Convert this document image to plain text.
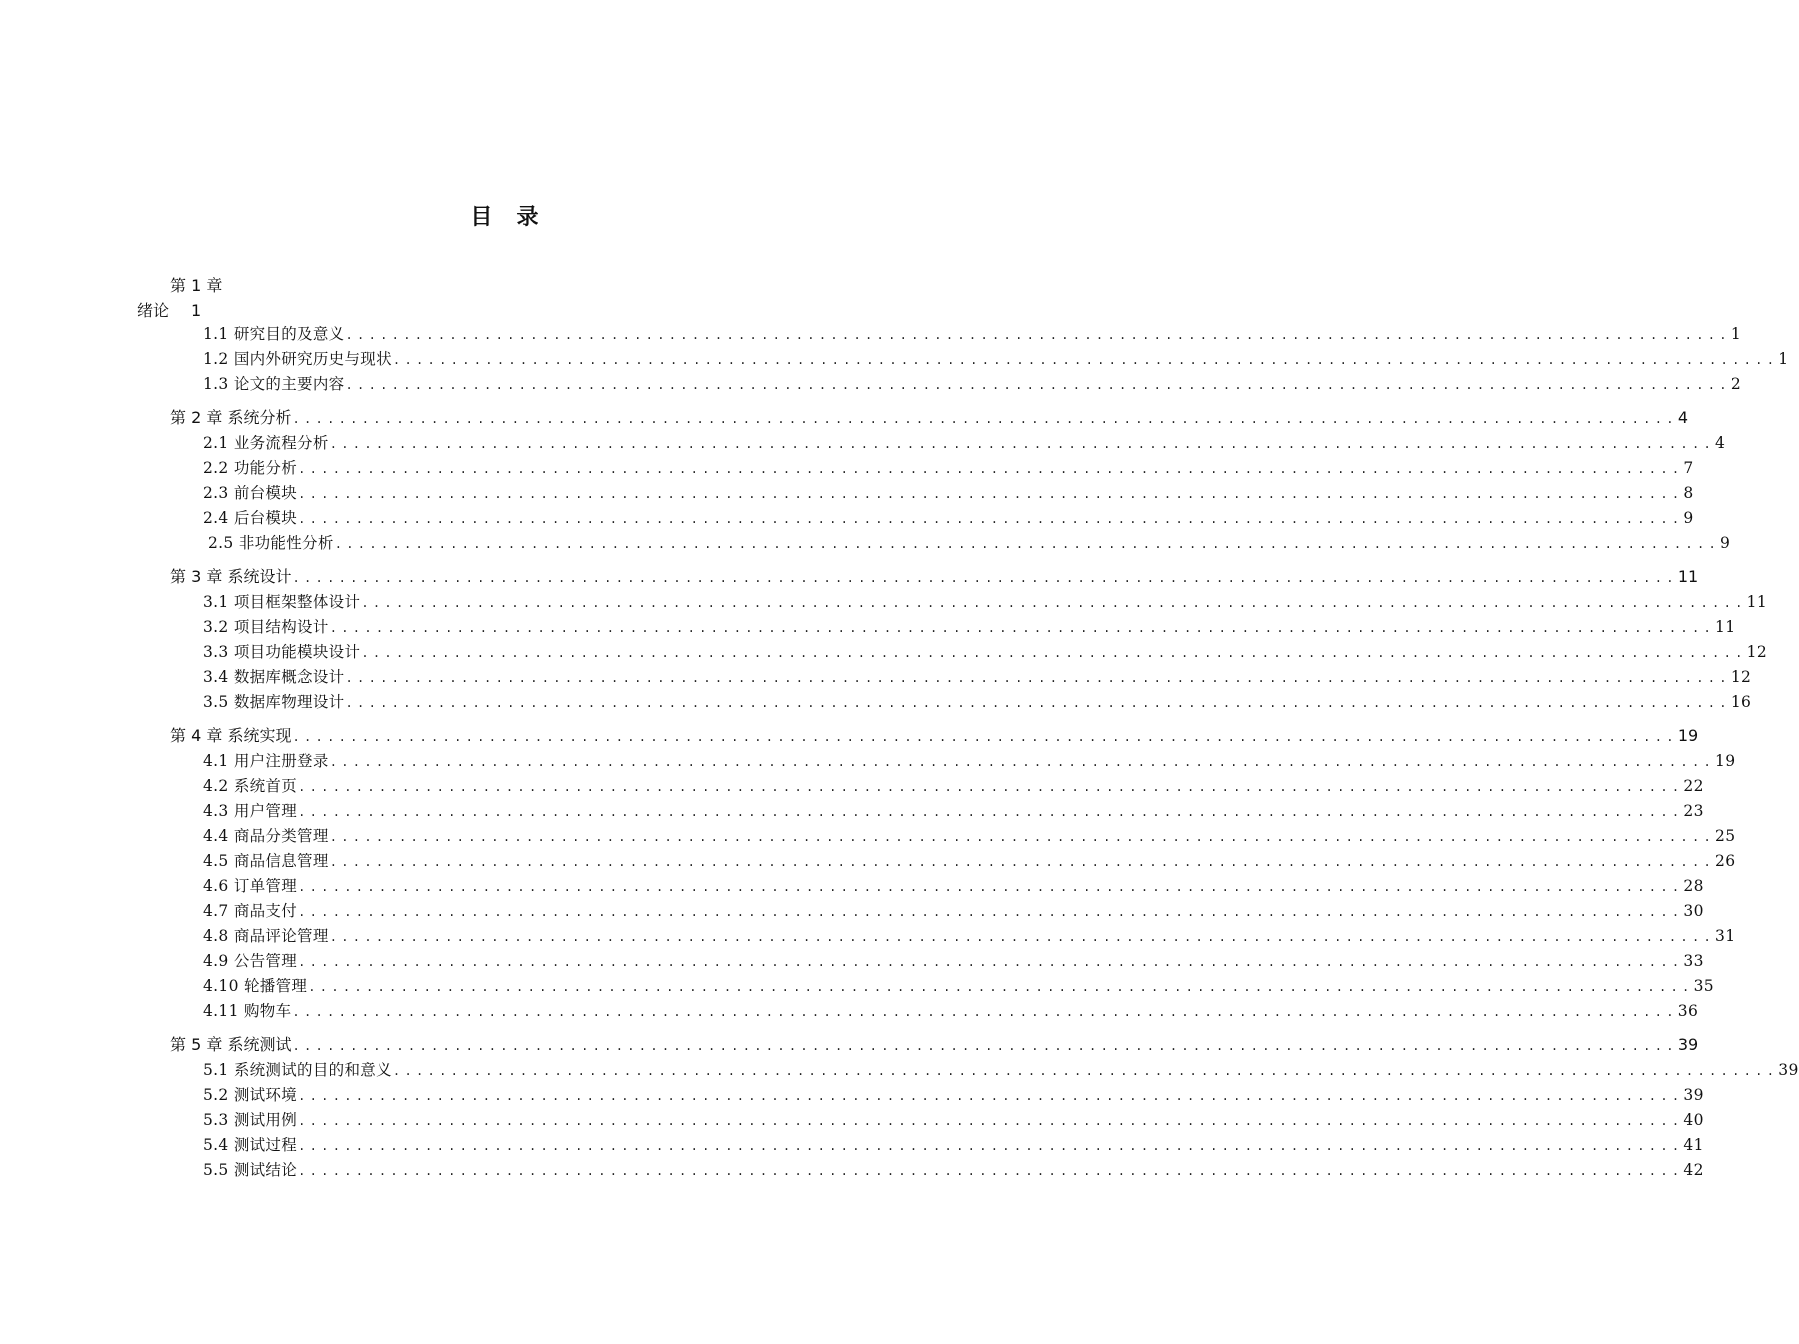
目　录
第 1 章
绪论 1
1.1 研究目的及意义 ........................................................................................................................ 1
1.2 国内外研究历史与现状 ........................................................................................................................ 1
1.3 论文的主要内容 ........................................................................................................................ 2
第 2 章 系统分析 ........................................................................................................................ 4
2.1 业务流程分析 ........................................................................................................................ 4
2.2 功能分析 ........................................................................................................................ 7
2.3 前台模块 ........................................................................................................................ 8
2.4 后台模块 ........................................................................................................................ 9
2.5 非功能性分析 ........................................................................................................................ 9
第 3 章 系统设计 ........................................................................................................................ 11
3.1 项目框架整体设计 ........................................................................................................................ 11
3.2 项目结构设计 ........................................................................................................................ 11
3.3 项目功能模块设计 ........................................................................................................................ 12
3.4 数据库概念设计 ........................................................................................................................ 12
3.5 数据库物理设计 ........................................................................................................................ 16
第 4 章 系统实现 ........................................................................................................................ 19
4.1 用户注册登录 ........................................................................................................................ 19
4.2 系统首页 ........................................................................................................................ 22
4.3 用户管理 ........................................................................................................................ 23
4.4 商品分类管理 ........................................................................................................................ 25
4.5 商品信息管理 ........................................................................................................................ 26
4.6 订单管理 ........................................................................................................................ 28
4.7 商品支付 ........................................................................................................................ 30
4.8 商品评论管理 ........................................................................................................................ 31
4.9 公告管理 ........................................................................................................................ 33
4.10 轮播管理 ........................................................................................................................ 35
4.11 购物车 ........................................................................................................................ 36
第 5 章 系统测试 ........................................................................................................................ 39
5.1 系统测试的目的和意义 ........................................................................................................................ 39
5.2 测试环境 ........................................................................................................................ 39
5.3 测试用例 ........................................................................................................................ 40
5.4 测试过程 ........................................................................................................................ 41
5.5 测试结论 ........................................................................................................................ 42
